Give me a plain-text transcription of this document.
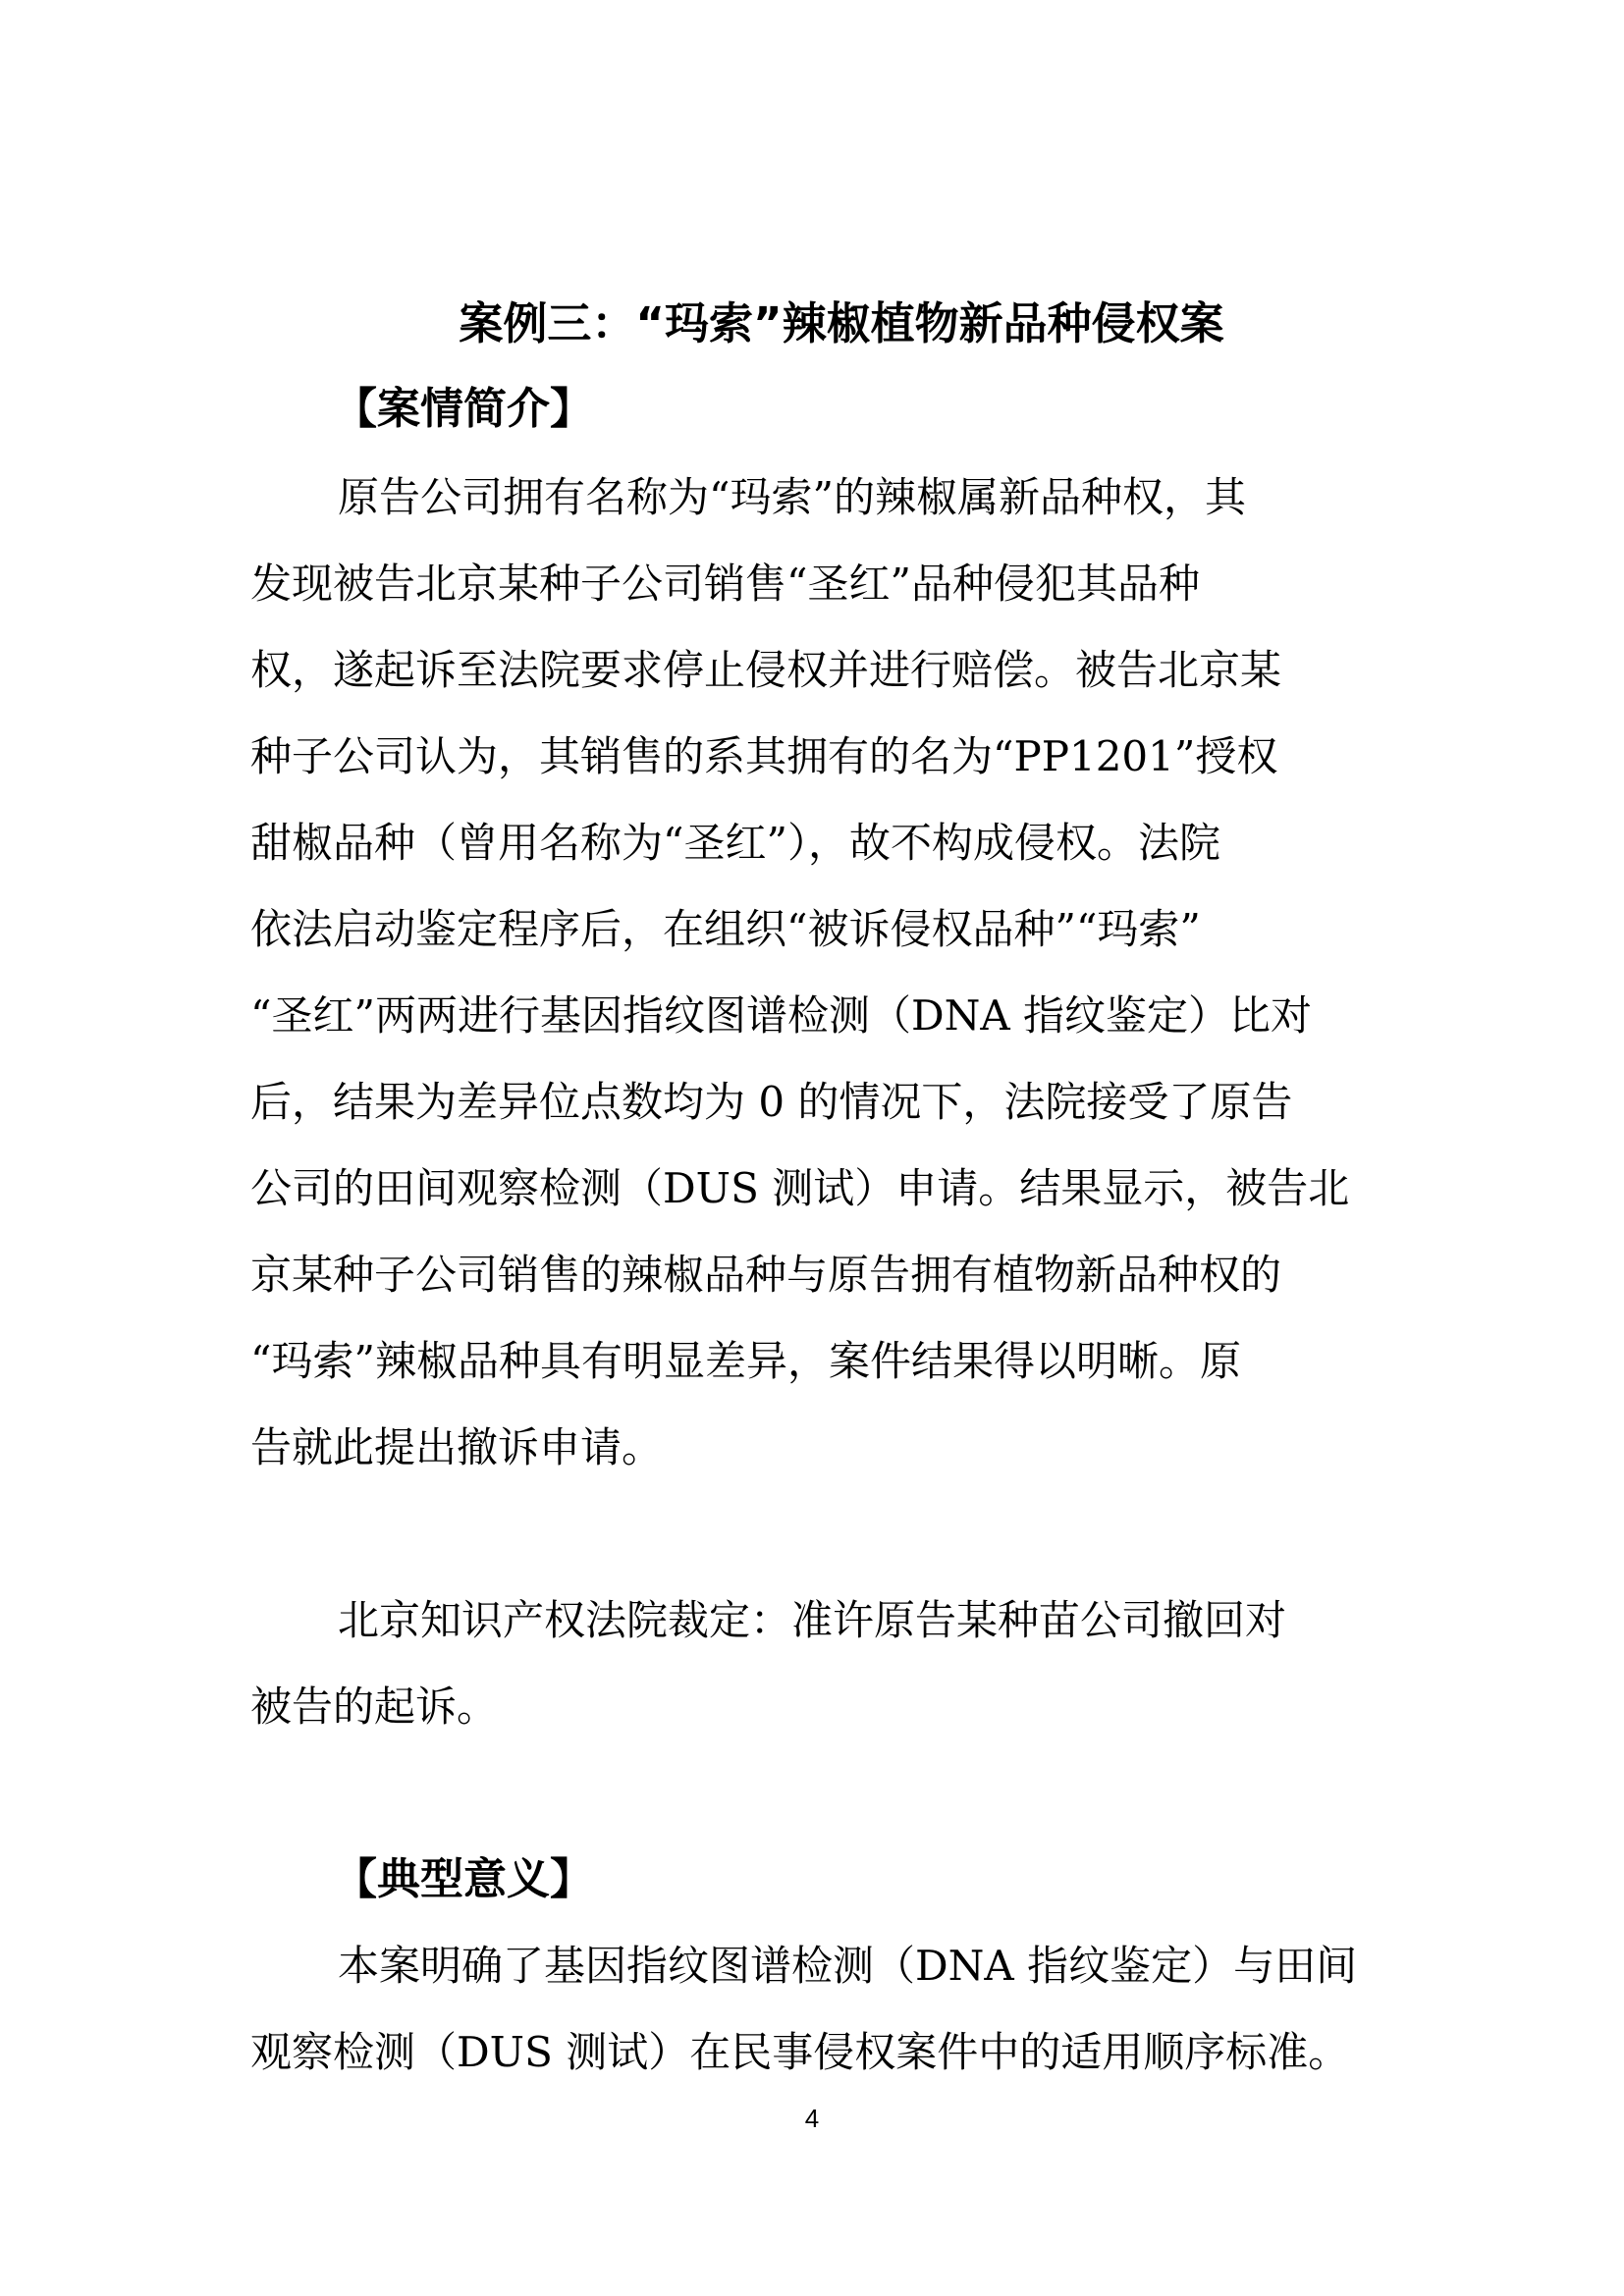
案例三：“玛索”辣椒植物新品种侵权案
【案情简介】

原告公司拥有名称为“玛索”的辣椒属新品种权，其

发现被告北京某种子公司销售“圣红”品种侵犯其品种

权，遂起诉至法院要求停止侵权并进行赔偿。被告北京某

种子公司认为，其销售的系其拥有的名为“PP1201”授权

甜椒品种（曾用名称为“圣红”），故不构成侵权。法院

依法启动鉴定程序后，在组织“被诉侵权品种”“玛索”

“圣红”两两进行基因指纹图谱检测（DNA 指纹鉴定）比对

后，结果为差异位点数均为 0 的情况下，法院接受了原告

公司的田间观察检测（DUS 测试）申请。结果显示，被告北

京某种子公司销售的辣椒品种与原告拥有植物新品种权的

“玛索”辣椒品种具有明显差异，案件结果得以明晰。原

告就此提出撤诉申请。

北京知识产权法院裁定：准许原告某种苗公司撤回对

被告的起诉。

【典型意义】

本案明确了基因指纹图谱检测（DNA 指纹鉴定）与田间

观察检测（DUS 测试）在民事侵权案件中的适用顺序标准。

4
